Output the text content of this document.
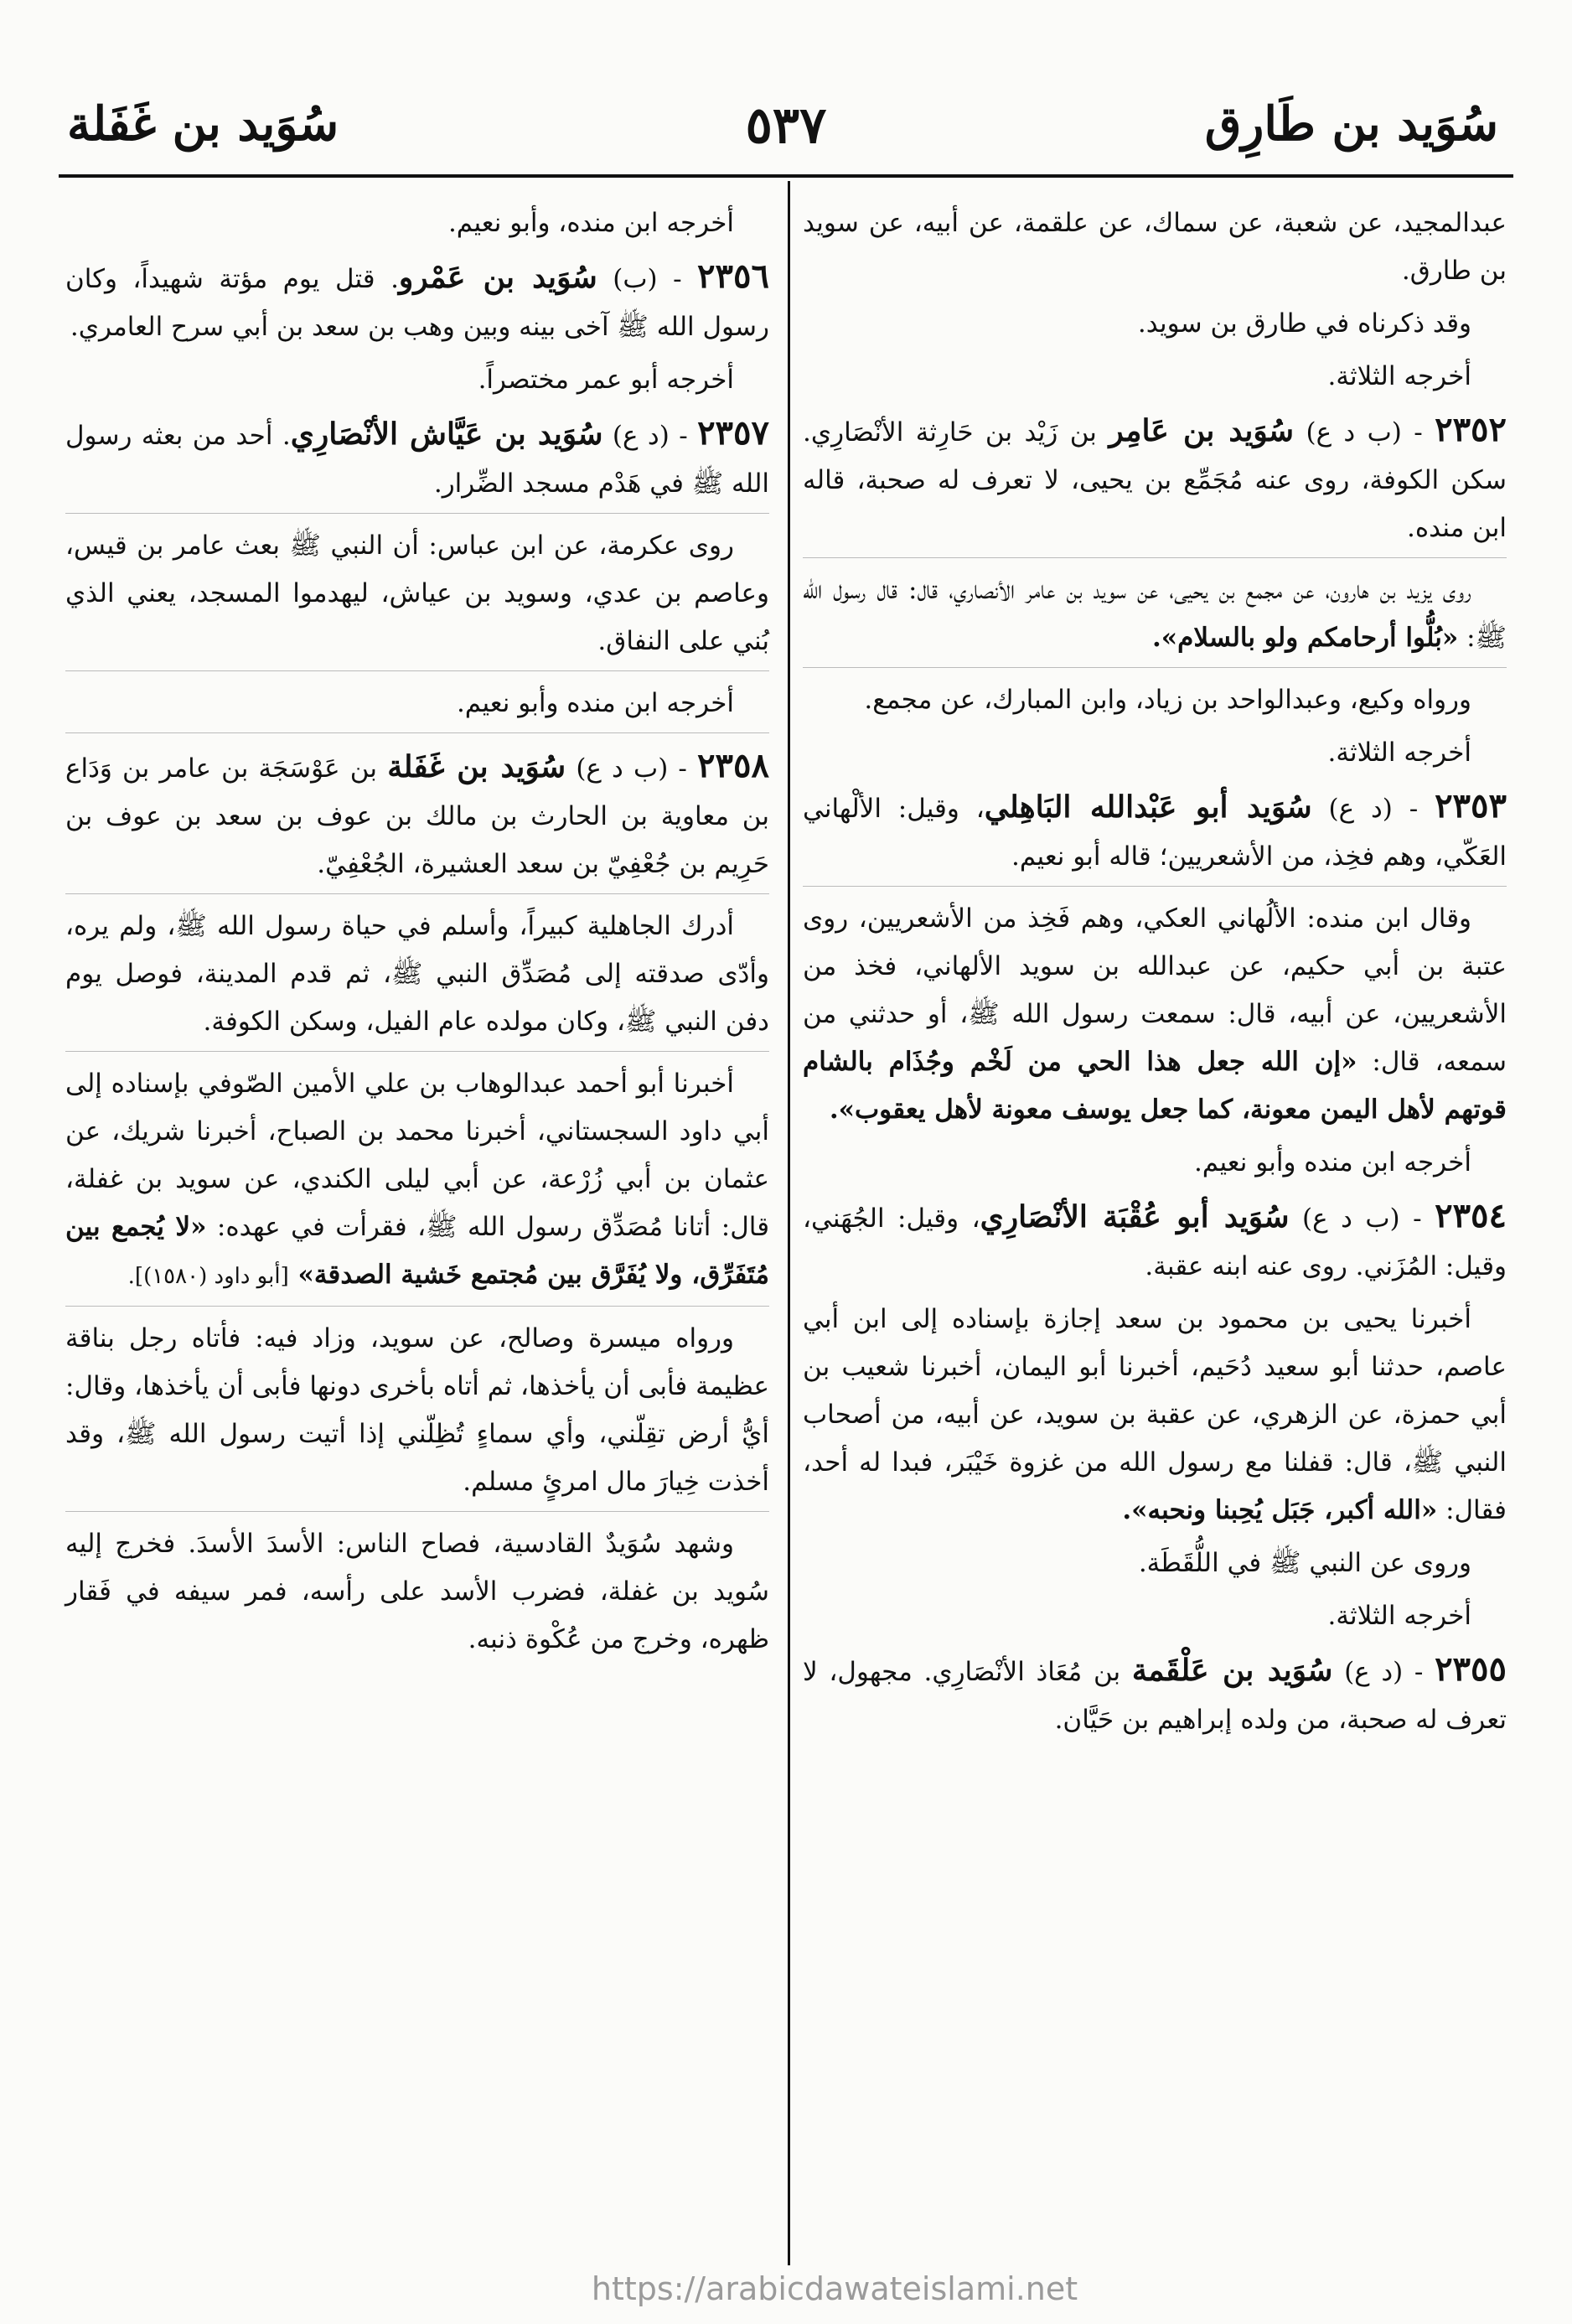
سُوَيد بن طَارِق
٥٣٧
سُوَيد بن غَفَلة

عبدالمجيد، عن شعبة، عن سماك، عن علقمة، عن أبيه، عن سويد بن طارق.

وقد ذكرناه في طارق بن سويد.

أخرجه الثلاثة.

٢٣٥٢ - (ب د ع) سُوَيد بن عَامِر بن زَيْد بن حَارِثة الأنْصَارِي. سكن الكوفة، روى عنه مُجَمِّع بن يحيى، لا تعرف له صحبة، قاله ابن منده.

روى يزيد بن هارون، عن مجمع بن يحيى، عن سويد بن عامر الأنصاري، قال: قال رسول الله ﷺ: «بُلُّوا أرحامكم ولو بالسلام».

ورواه وكيع، وعبدالواحد بن زياد، وابن المبارك، عن مجمع.

أخرجه الثلاثة.

٢٣٥٣ - (د ع) سُوَيد أبو عَبْدالله البَاهِلي، وقيل: الألْهاني العَكّي، وهم فخِذ، من الأشعريين؛ قاله أبو نعيم.

وقال ابن منده: الألُهاني العكي، وهم فَخِذ من الأشعريين، روى عتبة بن أبي حكيم، عن عبدالله بن سويد الألهاني، فخذ من الأشعريين، عن أبيه، قال: سمعت رسول الله ﷺ، أو حدثني من سمعه، قال: «إن الله جعل هذا الحي من لَخْم وجُذَام بالشام قوتهم لأهل اليمن معونة، كما جعل يوسف معونة لأهل يعقوب».

أخرجه ابن منده وأبو نعيم.

٢٣٥٤ - (ب د ع) سُوَيد أبو عُقْبَة الأنْصَارِي، وقيل: الجُهَني، وقيل: المُزَني. روى عنه ابنه عقبة.

أخبرنا يحيى بن محمود بن سعد إجازة بإسناده إلى ابن أبي عاصم، حدثنا أبو سعيد دُحَيم، أخبرنا أبو اليمان، أخبرنا شعيب بن أبي حمزة، عن الزهري، عن عقبة بن سويد، عن أبيه، من أصحاب النبي ﷺ، قال: قفلنا مع رسول الله من غزوة خَيْبَر، فبدا له أحد، فقال: «الله أكبر، جَبَل يُحِبنا ونحبه».

وروى عن النبي ﷺ في اللُّقَطَة.

أخرجه الثلاثة.

٢٣٥٥ - (د ع) سُوَيد بن عَلْقَمة بن مُعَاذ الأنْصَارِي. مجهول، لا تعرف له صحبة، من ولده إبراهيم بن حَيَّان.

أخرجه ابن منده، وأبو نعيم.

٢٣٥٦ - (ب) سُوَيد بن عَمْرو. قتل يوم مؤتة شهيداً، وكان رسول الله ﷺ آخى بينه وبين وهب بن سعد بن أبي سرح العامري.

أخرجه أبو عمر مختصراً.

٢٣٥٧ - (د ع) سُوَيد بن عَيَّاش الأنْصَارِي. أحد من بعثه رسول الله ﷺ في هَدْم مسجد الضِّرار.

روى عكرمة، عن ابن عباس: أن النبي ﷺ بعث عامر بن قيس، وعاصم بن عدي، وسويد بن عياش، ليهدموا المسجد، يعني الذي بُني على النفاق.

أخرجه ابن منده وأبو نعيم.

٢٣٥٨ - (ب د ع) سُوَيد بن غَفَلة بن عَوْسَجَة بن عامر بن وَدَاع بن معاوية بن الحارث بن مالك بن عوف بن سعد بن عوف بن حَرِيم بن جُعْفِيّ بن سعد العشيرة، الجُعْفِيّ.

أدرك الجاهلية كبيراً، وأسلم في حياة رسول الله ﷺ، ولم يره، وأدّى صدقته إلى مُصَدِّق النبي ﷺ، ثم قدم المدينة، فوصل يوم دفن النبي ﷺ، وكان مولده عام الفيل، وسكن الكوفة.

أخبرنا أبو أحمد عبدالوهاب بن علي الأمين الصّوفي بإسناده إلى أبي داود السجستاني، أخبرنا محمد بن الصباح، أخبرنا شريك، عن عثمان بن أبي زُرْعة، عن أبي ليلى الكندي، عن سويد بن غفلة، قال: أتانا مُصَدِّق رسول الله ﷺ، فقرأت في عهده: «لا يُجمع بين مُتَفَرِّق، ولا يُفَرَّق بين مُجتمع خَشية الصدقة» [أبو داود (١٥٨٠)].

ورواه ميسرة وصالح، عن سويد، وزاد فيه: فأتاه رجل بناقة عظيمة فأبى أن يأخذها، ثم أتاه بأخرى دونها فأبى أن يأخذها، وقال: أيُّ أرض تقِلّني، وأي سماءٍ تُظِلّني إذا أتيت رسول الله ﷺ، وقد أخذت خِيارَ مال امرئٍ مسلم.

وشهد سُوَيدٌ القادسية، فصاح الناس: الأسدَ الأسدَ. فخرج إليه سُويد بن غفلة، فضرب الأسد على رأسه، فمر سيفه في فَقار ظهره، وخرج من عُكْوة ذنبه.

https://arabicdawateislami.net
